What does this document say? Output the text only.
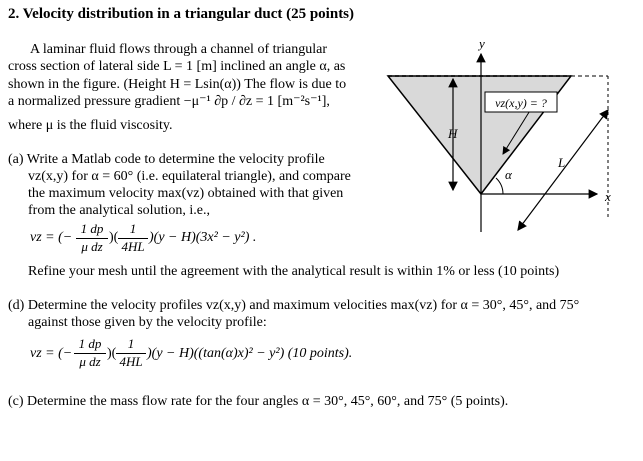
2. Velocity distribution in a triangular duct (25 points)
A laminar fluid flows through a channel of triangular
cross section of lateral side L = 1 [m] inclined an angle α, as
shown in the figure. (Height H = Lsin(α)) The flow is due to
a normalized pressure gradient −μ⁻¹ ∂p / ∂z = 1 [m⁻²s⁻¹],
where μ is the fluid viscosity.
(a) Write a Matlab code to determine the velocity profile
vz(x,y) for α = 60° (i.e. equilateral triangle), and compare
the maximum velocity max(vz) obtained with that given
from the analytical solution, i.e.,
vz = (−
1 dp
μ dz
)(
1
4HL
)(y − H)(3x² − y²) .
Refine your mesh until the agreement with the analytical result is within 1% or less (10 points)
(d) Determine the velocity profiles vz(x,y) and maximum velocities max(vz) for α = 30°, 45°, and 75°
against those given by the velocity profile:
vz = (−
1 dp
μ dz
)(
1
4HL
)(y − H)((tan(α)x)² − y²) (10 points).
(c) Determine the mass flow rate for the four angles α = 30°, 45°, 60°, and 75° (5 points).
vz(x,y) = ?
y
x
H
L
α
